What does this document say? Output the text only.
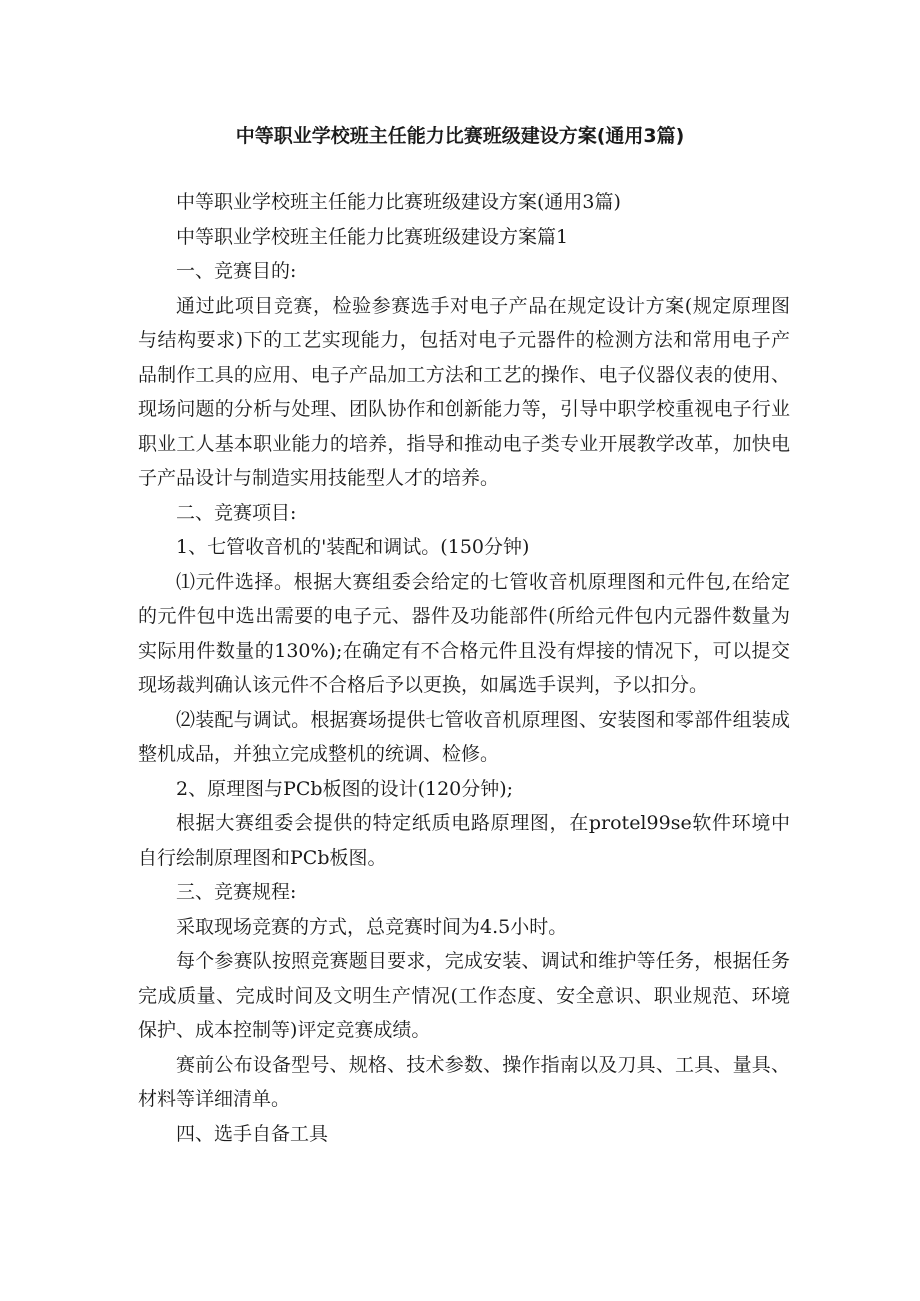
中等职业学校班主任能力比赛班级建设方案(通用3篇)

中等职业学校班主任能力比赛班级建设方案(通用3篇)

中等职业学校班主任能力比赛班级建设方案篇1

一、竞赛目的:

通过此项目竞赛，检验参赛选手对电子产品在规定设计方案(规定原理图与结构要求)下的工艺实现能力，包括对电子元器件的检测方法和常用电子产品制作工具的应用、电子产品加工方法和工艺的操作、电子仪器仪表的使用、现场问题的分析与处理、团队协作和创新能力等，引导中职学校重视电子行业职业工人基本职业能力的培养，指导和推动电子类专业开展教学改革，加快电子产品设计与制造实用技能型人才的培养。

二、竞赛项目:

1、七管收音机的'装配和调试。(150分钟)

⑴元件选择。根据大赛组委会给定的七管收音机原理图和元件包,在给定的元件包中选出需要的电子元、器件及功能部件(所给元件包内元器件数量为实际用件数量的130%);在确定有不合格元件且没有焊接的情况下，可以提交现场裁判确认该元件不合格后予以更换，如属选手误判，予以扣分。

⑵装配与调试。根据赛场提供七管收音机原理图、安装图和零部件组装成整机成品，并独立完成整机的统调、检修。

2、原理图与PCb板图的设计(120分钟);

根据大赛组委会提供的特定纸质电路原理图，在protel99se软件环境中自行绘制原理图和PCb板图。

三、竞赛规程:

采取现场竞赛的方式，总竞赛时间为4.5小时。

每个参赛队按照竞赛题目要求，完成安装、调试和维护等任务，根据任务完成质量、完成时间及文明生产情况(工作态度、安全意识、职业规范、环境保护、成本控制等)评定竞赛成绩。

赛前公布设备型号、规格、技术参数、操作指南以及刀具、工具、量具、材料等详细清单。

四、选手自备工具
